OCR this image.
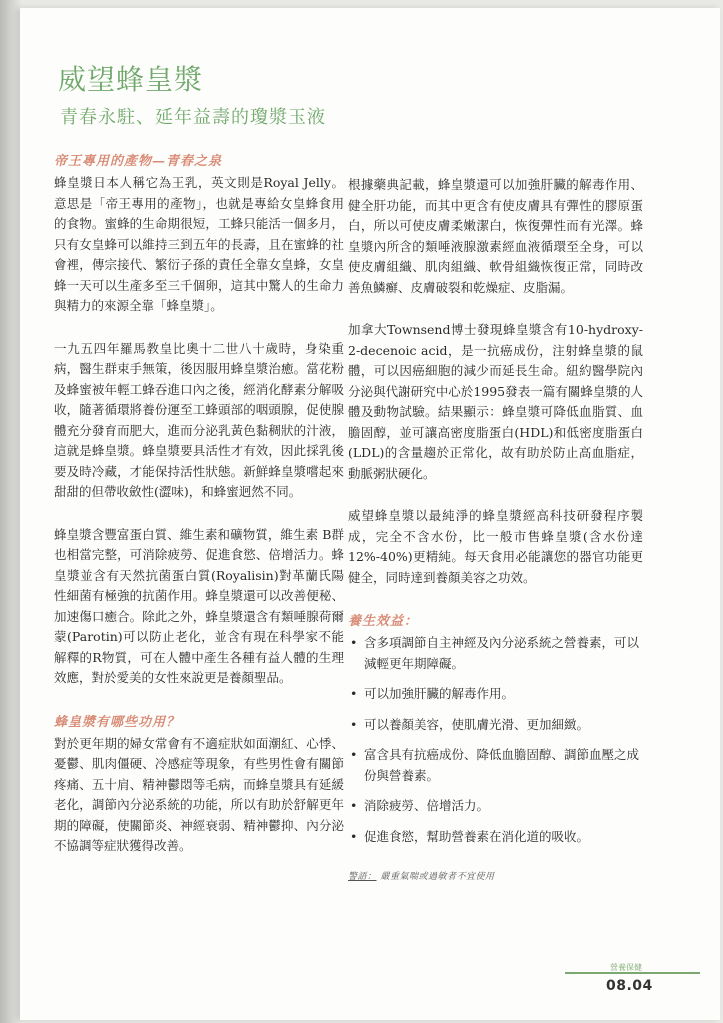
威望蜂皇漿
青春永駐、延年益壽的瓊漿玉液
帝王專用的產物—青春之泉

蜂皇漿日本人稱它為王乳，英文則是Royal Jelly。意思是「帝王專用的產物」，也就是專給女皇蜂食用的食物。蜜蜂的生命期很短，工蜂只能活一個多月，只有女皇蜂可以維持三到五年的長壽，且在蜜蜂的社會裡，傳宗接代、繁衍子孫的責任全靠女皇蜂，女皇蜂一天可以生產多至三千個卵，這其中驚人的生命力與精力的來源全靠「蜂皇漿」。

一九五四年羅馬教皇比奧十二世八十歲時，身染重病，醫生群束手無策，後因服用蜂皇漿治癒。當花粉及蜂蜜被年輕工蜂吞進口內之後，經消化酵素分解吸收，隨著循環將養份運至工蜂頭部的咽頭腺，促使腺體充分發育而肥大，進而分泌乳黃色黏稠狀的汁液，這就是蜂皇漿。蜂皇漿要具活性才有效，因此採乳後要及時冷藏，才能保持活性狀態。新鮮蜂皇漿嚐起來甜甜的但帶收斂性(澀味)，和蜂蜜迥然不同。

蜂皇漿含豐富蛋白質、維生素和礦物質，維生素 B群也相當完整，可消除疲勞、促進食慾、倍增活力。蜂皇漿並含有天然抗菌蛋白質(Royalisin)對革蘭氏陽性細菌有極強的抗菌作用。蜂皇漿還可以改善便秘、加速傷口癒合。除此之外，蜂皇漿還含有類唾腺荷爾蒙(Parotin)可以防止老化，並含有現在科學家不能解釋的R物質，可在人體中產生各種有益人體的生理效應，對於愛美的女性來說更是養顏聖品。

蜂皇漿有哪些功用？

對於更年期的婦女常會有不適症狀如面潮紅、心悸、憂鬱、肌肉僵硬、冷感症等現象，有些男性會有關節疼痛、五十肩、精神鬱悶等毛病，而蜂皇漿具有延緩老化，調節內分泌系統的功能，所以有助於舒解更年期的障礙，使關節炎、神經衰弱、精神鬱抑、內分泌不協調等症狀獲得改善。

根據藥典記載，蜂皇漿還可以加強肝臟的解毒作用、健全肝功能，而其中更含有使皮膚具有彈性的膠原蛋白，所以可使皮膚柔嫩潔白，恢復彈性而有光澤。蜂皇漿內所含的類唾液腺激素經血液循環至全身，可以使皮膚組織、肌肉組織、軟骨組織恢復正常，同時改善魚鱗癬、皮膚破裂和乾燥症、皮脂漏。

加拿大Townsend博士發現蜂皇漿含有10-hydroxy-2-decenoic acid，是一抗癌成份，注射蜂皇漿的鼠體，可以因癌細胞的減少而延長生命。紐約醫學院內分泌與代謝研究中心於1995發表一篇有關蜂皇漿的人體及動物試驗。結果顯示：蜂皇漿可降低血脂質、血膽固醇，並可讓高密度脂蛋白(HDL)和低密度脂蛋白(LDL)的含量趨於正常化，故有助於防止高血脂症，動脈粥狀硬化。

威望蜂皇漿以最純淨的蜂皇漿經高科技研發程序製成，完全不含水份，比一般市售蜂皇漿(含水份達12%-40%)更精純。每天食用必能讓您的器官功能更健全，同時達到養顏美容之功效。

養生效益：
• 含多項調節自主神經及內分泌系統之營養素，可以減輕更年期障礙。
• 可以加強肝臟的解毒作用。
• 可以養顏美容，使肌膚光滑、更加細緻。
• 富含具有抗癌成份、降低血膽固醇、調節血壓之成份與營養素。
• 消除疲勞、倍增活力。
• 促進食慾，幫助營養素在消化道的吸收。
警語： 嚴重氣喘或過敏者不宜使用
營養保健
08.04
